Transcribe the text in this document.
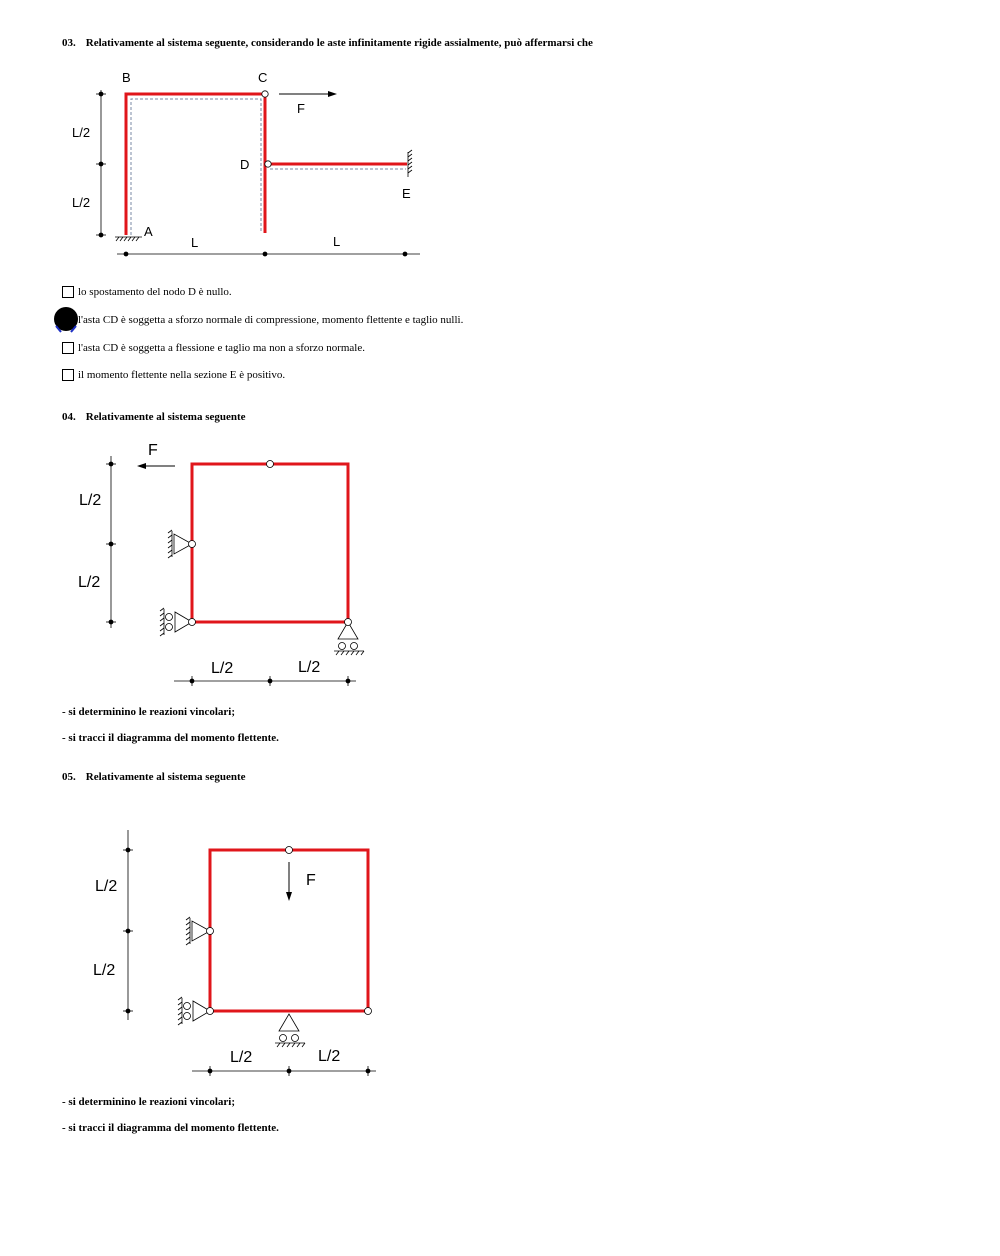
03. Relativamente al sistema seguente, considerando le aste infinitamente rigide assialmente, può affermarsi che
B	C
D
A
E
F
L/2
L/2
L	L
lo spostamento del nodo D è nullo.
l'asta CD è soggetta a sforzo normale di compressione, momento flettente e taglio nulli.
l'asta CD è soggetta a flessione e taglio ma non a sforzo normale.
il momento flettente nella sezione E è positivo.
04. Relativamente al sistema seguente
F
L/2
L/2
L/2	L/2
- si determinino le reazioni vincolari;
- si tracci il diagramma del momento flettente.
05. Relativamente al sistema seguente
F
L/2
L/2
L/2	L/2
- si determinino le reazioni vincolari;
- si tracci il diagramma del momento flettente.
